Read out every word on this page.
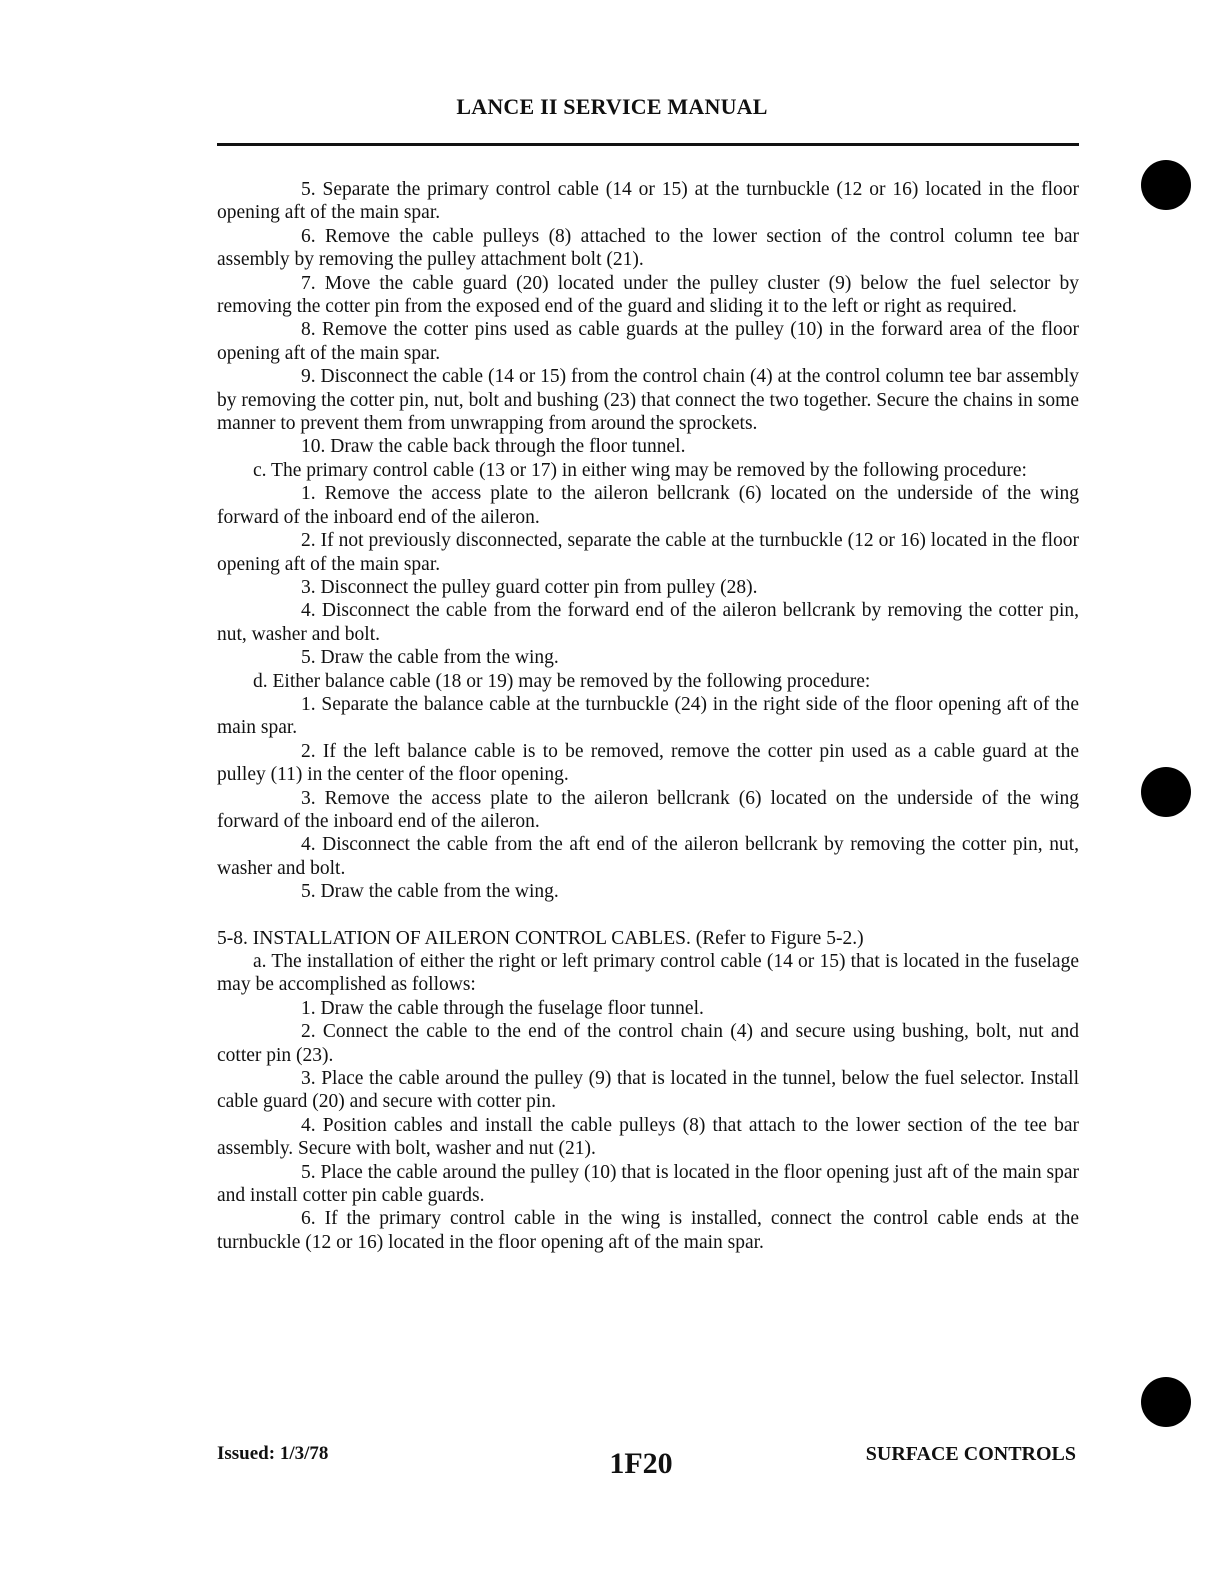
LANCE II SERVICE MANUAL

5. Separate the primary control cable (14 or 15) at the turnbuckle (12 or 16) located in the floor opening aft of the main spar.

6. Remove the cable pulleys (8) attached to the lower section of the control column tee bar assembly by removing the pulley attachment bolt (21).

7. Move the cable guard (20) located under the pulley cluster (9) below the fuel selector by removing the cotter pin from the exposed end of the guard and sliding it to the left or right as required.

8. Remove the cotter pins used as cable guards at the pulley (10) in the forward area of the floor opening aft of the main spar.

9. Disconnect the cable (14 or 15) from the control chain (4) at the control column tee bar assembly by removing the cotter pin, nut, bolt and bushing (23) that connect the two together. Secure the chains in some manner to prevent them from unwrapping from around the sprockets.

10. Draw the cable back through the floor tunnel.

c. The primary control cable (13 or 17) in either wing may be removed by the following procedure:

1. Remove the access plate to the aileron bellcrank (6) located on the underside of the wing forward of the inboard end of the aileron.

2. If not previously disconnected, separate the cable at the turnbuckle (12 or 16) located in the floor opening aft of the main spar.

3. Disconnect the pulley guard cotter pin from pulley (28).

4. Disconnect the cable from the forward end of the aileron bellcrank by removing the cotter pin, nut, washer and bolt.

5. Draw the cable from the wing.

d. Either balance cable (18 or 19) may be removed by the following procedure:

1. Separate the balance cable at the turnbuckle (24) in the right side of the floor opening aft of the main spar.

2. If the left balance cable is to be removed, remove the cotter pin used as a cable guard at the pulley (11) in the center of the floor opening.

3. Remove the access plate to the aileron bellcrank (6) located on the underside of the wing forward of the inboard end of the aileron.

4. Disconnect the cable from the aft end of the aileron bellcrank by removing the cotter pin, nut, washer and bolt.

5. Draw the cable from the wing.

5-8. INSTALLATION OF AILERON CONTROL CABLES. (Refer to Figure 5-2.)

a. The installation of either the right or left primary control cable (14 or 15) that is located in the fuselage may be accomplished as follows:

1. Draw the cable through the fuselage floor tunnel.

2. Connect the cable to the end of the control chain (4) and secure using bushing, bolt, nut and cotter pin (23).

3. Place the cable around the pulley (9) that is located in the tunnel, below the fuel selector. Install cable guard (20) and secure with cotter pin.

4. Position cables and install the cable pulleys (8) that attach to the lower section of the tee bar assembly. Secure with bolt, washer and nut (21).

5. Place the cable around the pulley (10) that is located in the floor opening just aft of the main spar and install cotter pin cable guards.

6. If the primary control cable in the wing is installed, connect the control cable ends at the turnbuckle (12 or 16) located in the floor opening aft of the main spar.

Issued: 1/3/78	1F20	SURFACE CONTROLS
